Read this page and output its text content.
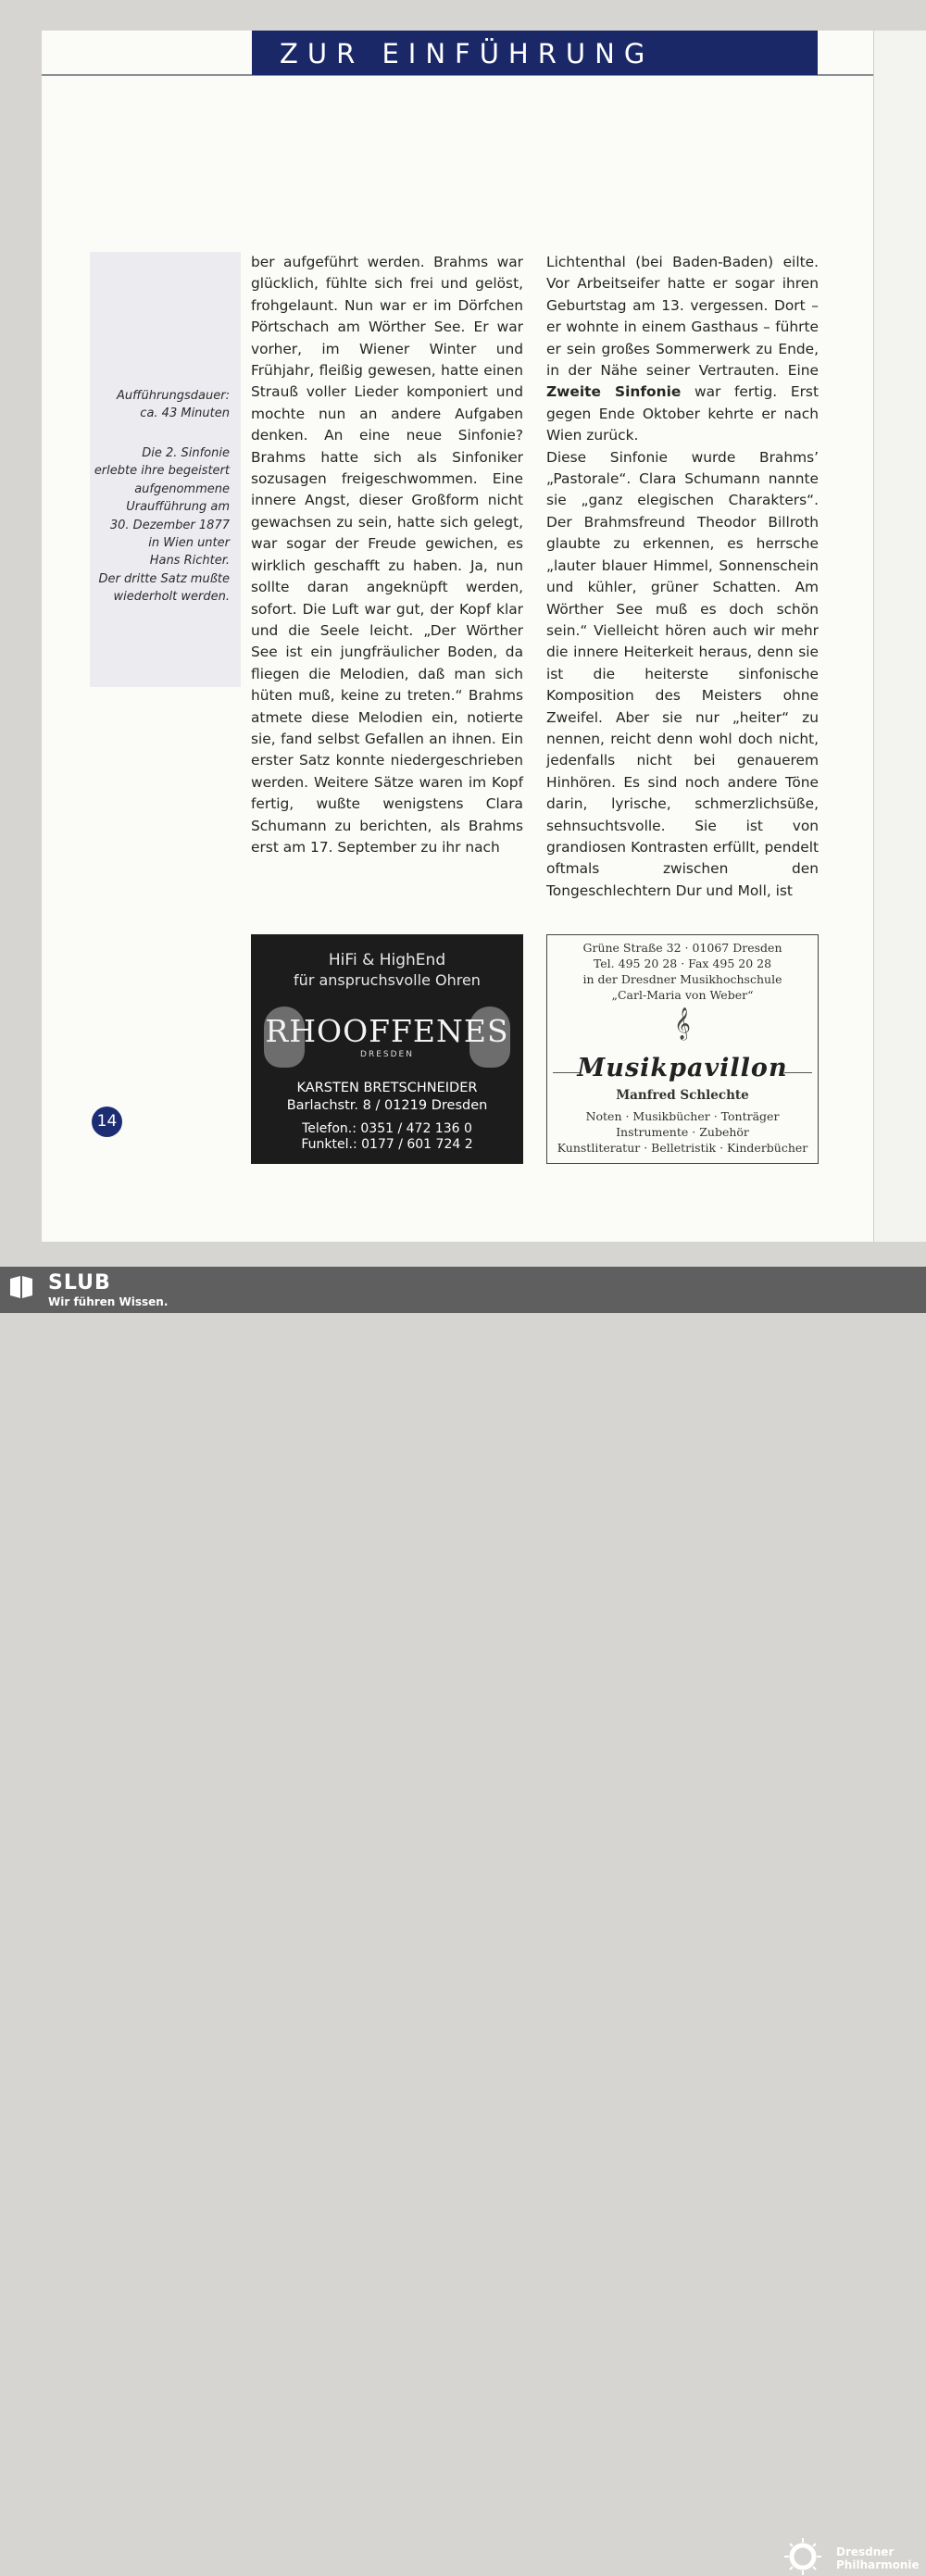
ZUR EINFÜHRUNG

Aufführungsdauer:

ca. 43 Minuten

Die 2. Sinfonie

erlebte ihre begeistert

aufgenommene

Uraufführung am

30. Dezember 1877

in Wien unter

Hans Richter.

Der dritte Satz mußte

wiederholt werden.

ber aufgeführt werden. Brahms war glücklich, fühlte sich frei und gelöst, frohgelaunt. Nun war er im Dörfchen Pörtschach am Wörther See. Er war vorher, im Wiener Winter und Frühjahr, fleißig gewesen, hatte einen Strauß voller Lieder komponiert und mochte nun an andere Aufgaben denken. An eine neue Sinfonie? Brahms hatte sich als Sinfoniker sozusagen freigeschwommen. Eine innere Angst, dieser Großform nicht gewachsen zu sein, hatte sich gelegt, war sogar der Freude gewichen, es wirklich geschafft zu haben. Ja, nun sollte daran angeknüpft werden, sofort. Die Luft war gut, der Kopf klar und die Seele leicht. „Der Wörther See ist ein jungfräulicher Boden, da fliegen die Melodien, daß man sich hüten muß, keine zu treten.“ Brahms atmete diese Melodien ein, notierte sie, fand selbst Gefallen an ihnen. Ein erster Satz konnte niedergeschrieben werden. Weitere Sätze waren im Kopf fertig, wußte wenigstens Clara Schumann zu berichten, als Brahms erst am 17. September zu ihr nach

Lichtenthal (bei Baden-Baden) eilte. Vor Arbeitseifer hatte er sogar ihren Geburtstag am 13. vergessen. Dort – er wohnte in einem Gasthaus – führte er sein großes Sommerwerk zu Ende, in der Nähe seiner Vertrauten. Eine Zweite Sinfonie war fertig. Erst gegen Ende Oktober kehrte er nach Wien zurück.

Diese Sinfonie wurde Brahms’ „Pastorale“. Clara Schumann nannte sie „ganz elegischen Charakters“. Der Brahmsfreund Theodor Billroth glaubte zu erkennen, es herrsche „lauter blauer Himmel, Sonnenschein und kühler, grüner Schatten. Am Wörther See muß es doch schön sein.“ Vielleicht hören auch wir mehr die innere Heiterkeit heraus, denn sie ist die heiterste sinfonische Komposition des Meisters ohne Zweifel. Aber sie nur „heiter“ zu nennen, reicht denn wohl doch nicht, jedenfalls nicht bei genauerem Hinhören. Es sind noch andere Töne darin, lyrische, schmerzlichsüße, sehnsuchtsvolle. Sie ist von grandiosen Kontrasten erfüllt, pendelt oftmals zwischen den Tongeschlechtern Dur und Moll, ist

HiFi & HighEnd
für anspruchsvolle Ohren
RHOOFFENES
DRESDEN
KARSTEN BRETSCHNEIDER
Barlachstr. 8 / 01219 Dresden
Telefon.: 0351 / 472 136 0
Funktel.: 0177 / 601 724 2
Grüne Straße 32 · 01067 Dresden
Tel. 495 20 28 · Fax 495 20 28
in der Dresdner Musikhochschule
„Carl-Maria von Weber“
𝄞
Musikpavillon
Manfred Schlechte
Noten · Musikbücher · Tonträger
Instrumente · Zubehör
Kunstliteratur · Belletristik · Kinderbücher
14
SLUB
Wir führen Wissen.
Dresdner
Philharmonie
